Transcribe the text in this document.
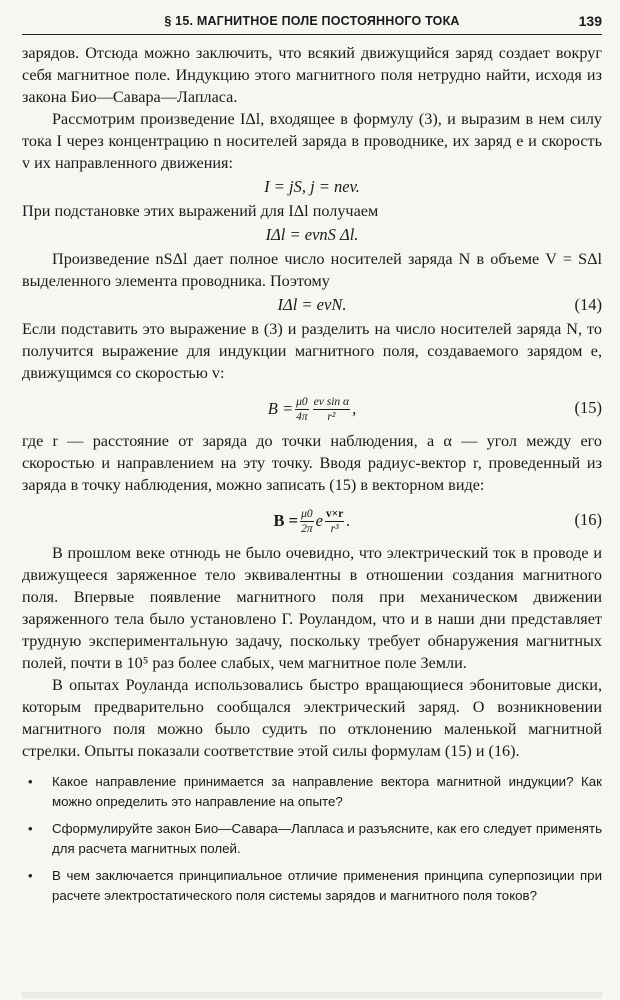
§ 15. МАГНИТНОЕ ПОЛЕ ПОСТОЯННОГО ТОКА	139

зарядов. Отсюда можно заключить, что всякий движущийся заряд создает вокруг себя магнитное поле. Индукцию этого магнитного поля нетрудно найти, исходя из закона Био—Савара—Лапласа.

Рассмотрим произведение IΔl, входящее в формулу (3), и выразим в нем силу тока I через концентрацию n носителей заряда в проводнике, их заряд e и скорость v их направленного движения:

I = jS, j = nev.

При подстановке этих выражений для IΔl получаем

IΔl = evnS Δl.

Произведение nSΔl дает полное число носителей заряда N в объеме V = SΔl выделенного элемента проводника. Поэтому

IΔl = evN.	(14)

Если подставить это выражение в (3) и разделить на число носителей заряда N, то получится выражение для индукции магнитного поля, создаваемого зарядом e, движущимся со скоростью v:

$B = \frac{\mu 0}{4\pi} \frac{\text{ev sin α}}{\text{r²}}$ ,	(15)

где r — расстояние от заряда до точки наблюдения, а α — угол между его скоростью и направлением на эту точку. Вводя радиус-вектор r, проведенный из заряда в точку наблюдения, можно записать (15) в векторном виде:

$B = \frac{\mu 0}{2\pi}$ e $\frac{v\times r}{\text{r³}}$ .	(16)

В прошлом веке отнюдь не было очевидно, что электрический ток в проводе и движущееся заряженное тело эквивалентны в отношении создания магнитного поля. Впервые появление магнитного поля при механическом движении заряженного тела было установлено Г. Роуландом, что и в наши дни представляет трудную экспериментальную задачу, поскольку требует обнаружения магнитных полей, почти в 10⁵ раз более слабых, чем магнитное поле Земли.

В опытах Роуланда использовались быстро вращающиеся эбонитовые диски, которым предварительно сообщался электрический заряд. О возникновении магнитного поля можно было судить по отклонению маленькой магнитной стрелки. Опыты показали соответствие этой силы формулам (15) и (16).

• Какое направление принимается за направление вектора магнитной индукции? Как можно определить это направление на опыте?
• Сформулируйте закон Био—Савара—Лапласа и разъясните, как его следует применять для расчета магнитных полей.
• В чем заключается принципиальное отличие применения принципа суперпозиции при расчете электростатического поля системы зарядов и магнитного поля токов?
